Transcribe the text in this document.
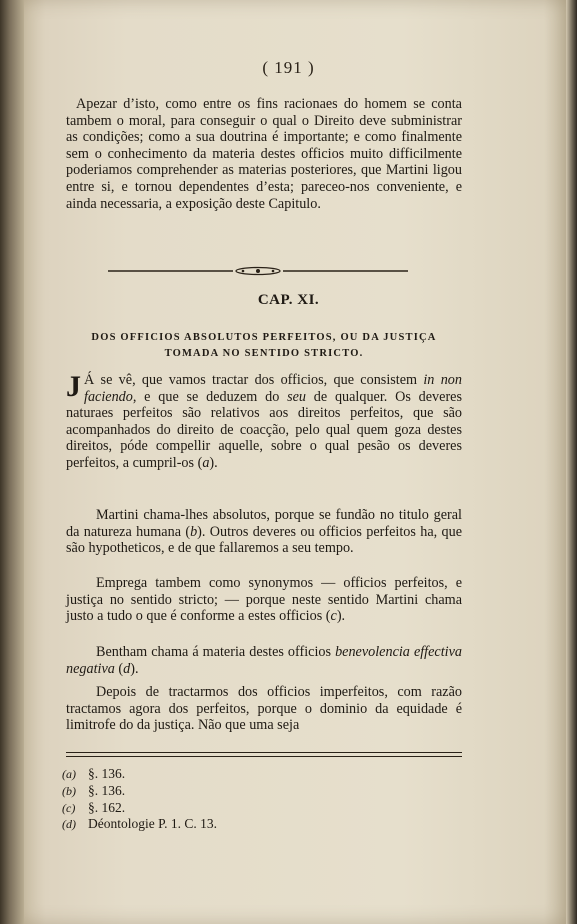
( 191 )
Apezar d’isto, como entre os fins racionaes do homem se conta tambem o moral, para conseguir o qual o Direito deve subministrar as condições; como a sua doutrina é importante; e como finalmente sem o conhecimento da materia destes officios muito difficilmente poderiamos comprehender as materias posteriores, que Martini ligou entre si, e tornou dependentes d’esta; pareceo-nos conveniente, e ainda necessaria, a exposição deste Capitulo.
CAP. XI.
DOS OFFICIOS ABSOLUTOS PERFEITOS, OU DA JUSTIÇA
TOMADA NO SENTIDO STRICTO.
J Á se vê, que vamos tractar dos officios, que consistem in non faciendo, e que se deduzem do seu de qualquer. Os deveres naturaes perfeitos são relativos aos direitos perfeitos, que são acompanhados do direito de coacção, pelo qual quem goza destes direitos, póde compellir aquelle, sobre o qual pesão os deveres perfeitos, a cumpril-os (a).
Martini chama-lhes absolutos, porque se fundão no titulo geral da natureza humana (b). Outros deveres ou officios perfeitos ha, que são hypotheticos, e de que fallaremos a seu tempo.
Emprega tambem como synonymos — officios perfeitos, e justiça no sentido stricto; — porque neste sentido Martini chama justo a tudo o que é conforme a estes officios (c).
Bentham chama á materia destes officios benevolencia effectiva negativa (d).
Depois de tractarmos dos officios imperfeitos, com razão tractamos agora dos perfeitos, porque o dominio da equidade é limitrofe do da justiça. Não que uma seja
(a) §. 136.
(b) §. 136.
(c) §. 162.
(d) Déontologie P. 1. C. 13.
